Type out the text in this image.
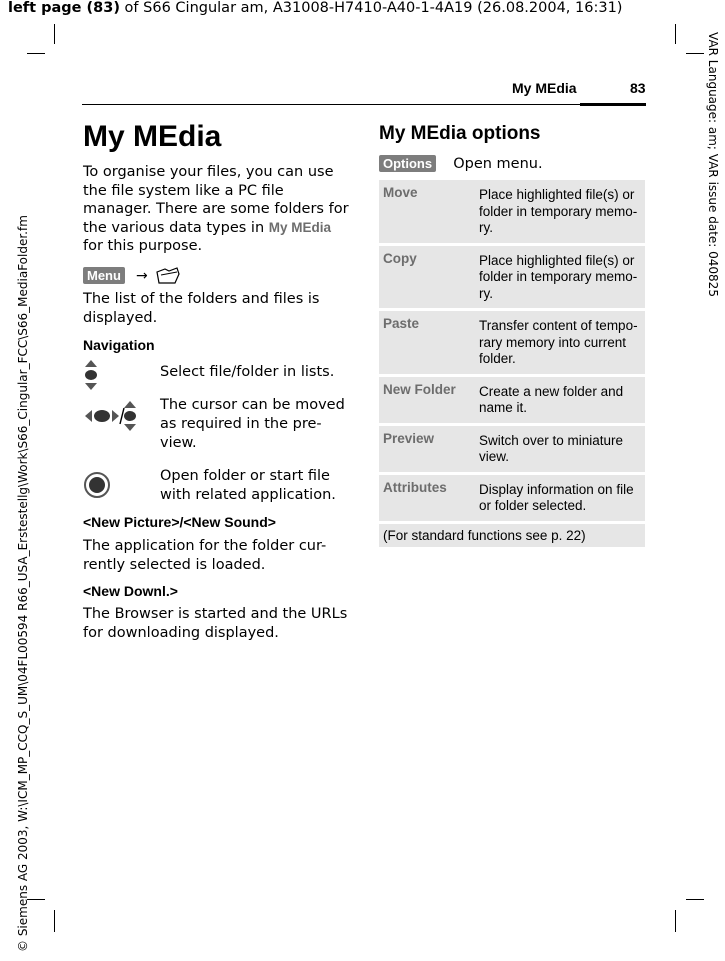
left page (83) of S66 Cingular am, A31008-H7410-A40-1-4A19 (26.08.2004, 16:31)
© Siemens AG 2003, W:\ICM_MP_CCQ_S_UM\04FL00594 R66_USA_Erstestellg\Work\S66_Cingular_FCC\S66_MediaFolder.fm
VAR Language: am; VAR issue date: 040825
My MEdia	83
My MEdia
To organise your files, you can use the file system like a PC file manager. There are some folders for the various data types in My MEdia for this purpose.
Menu →
The list of the folders and files is displayed.
Navigation
Select file/folder in lists.
The cursor can be moved as required in the pre-view.
Open folder or start file with related application.
<New Picture>/<New Sound>
The application for the folder cur-rently selected is loaded.
<New Downl.>
The Browser is started and the URLs for downloading displayed.
My MEdia options
Options Open menu.
Move	Place highlighted file(s) or folder in temporary memo-ry.
Copy	Place highlighted file(s) or folder in temporary memo-ry.
Paste	Transfer content of tempo-rary memory into current folder.
New Folder	Create a new folder and name it.
Preview	Switch over to miniature view.
Attributes	Display information on file or folder selected.
(For standard functions see p. 22)	
